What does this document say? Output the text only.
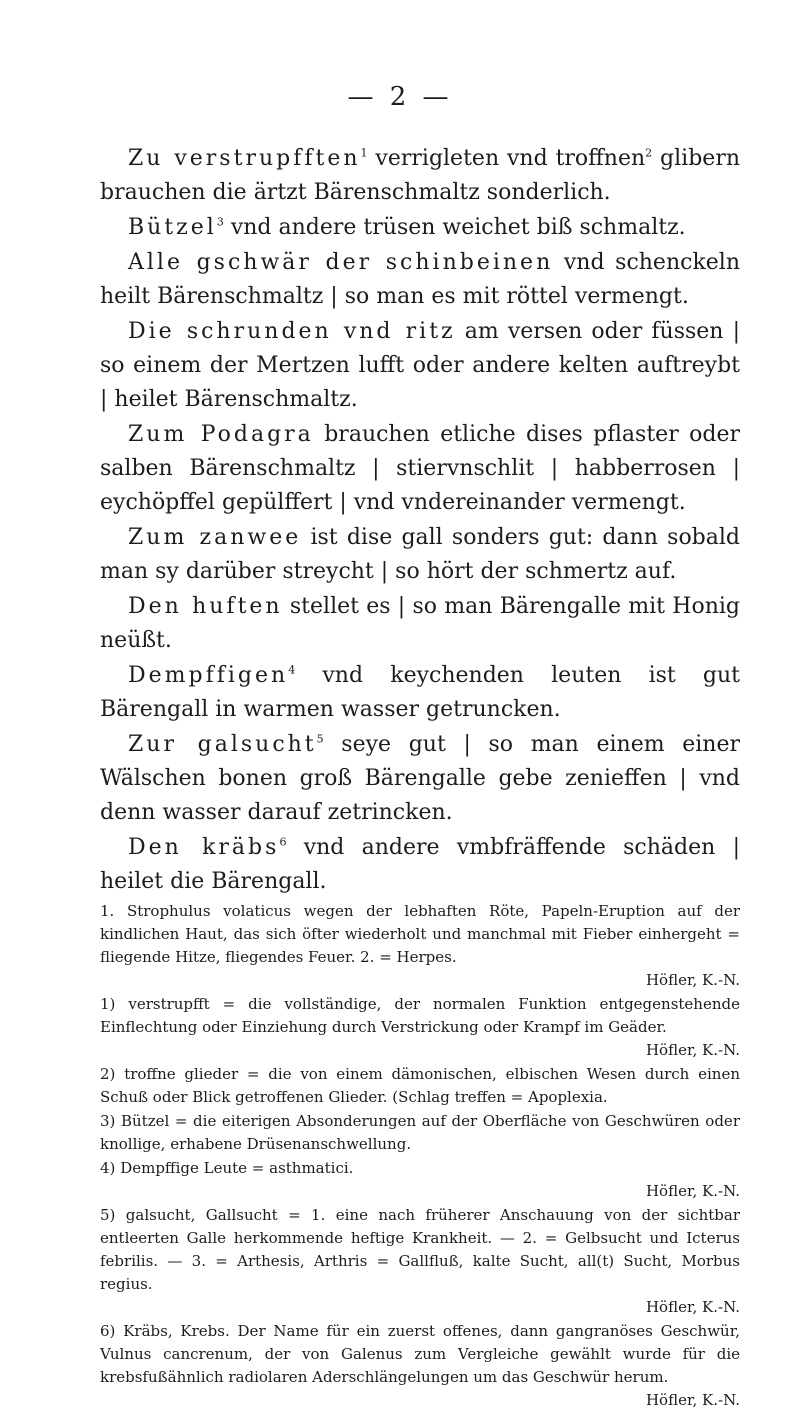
— 2 —

Zu verstrupfften$^1$ verrigleten vnd troffnen$^2$ glibern brauchen die ärtzt Bärenschmaltz sonderlich.

Bützel$^3$ vnd andere trüsen weichet biß schmaltz.

Alle gschwär der schinbeinen vnd schenckeln heilt Bärenschmaltz | so man es mit röttel vermengt.

Die schrunden vnd ritz am versen oder füssen | so einem der Mertzen lufft oder andere kelten auftreybt | heilet Bärenschmaltz.

Zum Podagra brauchen etliche dises pflaster oder salben Bärenschmaltz | stiervnschlit | habberrosen | eychöpffel gepülffert | vnd vndereinander vermengt.

Zum zanwee ist dise gall sonders gut: dann sobald man sy darüber streycht | so hört der schmertz auf.

Den huften stellet es | so man Bärengalle mit Honig neüßt.

Dempffigen$^4$ vnd keychenden leuten ist gut Bärengall in warmen wasser getruncken.

Zur galsucht$^5$ seye gut | so man einem einer Wälschen bonen groß Bärengalle gebe zenieffen | vnd denn wasser darauf zetrincken.

Den kräbs$^6$ vnd andere vmbfräffende schäden | heilet die Bärengall.

1. Strophulus volaticus wegen der lebhaften Röte, Papeln-Eruption auf der kindlichen Haut, das sich öfter wiederholt und manchmal mit Fieber einhergeht = fliegende Hitze, fliegendes Feuer. 2. = Herpes.
Höfler, K.-N.
1) verstrupfft = die vollständige, der normalen Funktion entgegenstehende Einflechtung oder Einziehung durch Verstrickung oder Krampf im Geäder.
Höfler, K.-N.
2) troffne glieder = die von einem dämonischen, elbischen Wesen durch einen Schuß oder Blick getroffenen Glieder. (Schlag treffen = Apoplexia.
3) Bützel = die eiterigen Absonderungen auf der Oberfläche von Geschwüren oder knollige, erhabene Drüsenanschwellung.
4) Dempffige Leute = asthmatici.
Höfler, K.-N.
5) galsucht, Gallsucht = 1. eine nach früherer Anschauung von der sichtbar entleerten Galle herkommende heftige Krankheit. — 2. = Gelbsucht und Icterus febrilis. — 3. = Arthesis, Arthris = Gallfluß, kalte Sucht, all(t) Sucht, Morbus regius.
Höfler, K.-N.
6) Kräbs, Krebs. Der Name für ein zuerst offenes, dann gangranöses Geschwür, Vulnus cancrenum, der von Galenus zum Vergleiche gewählt wurde für die krebsfußähnlich radiolaren Aderschlängelungen um das Geschwür herum.
Höfler, K.-N.
